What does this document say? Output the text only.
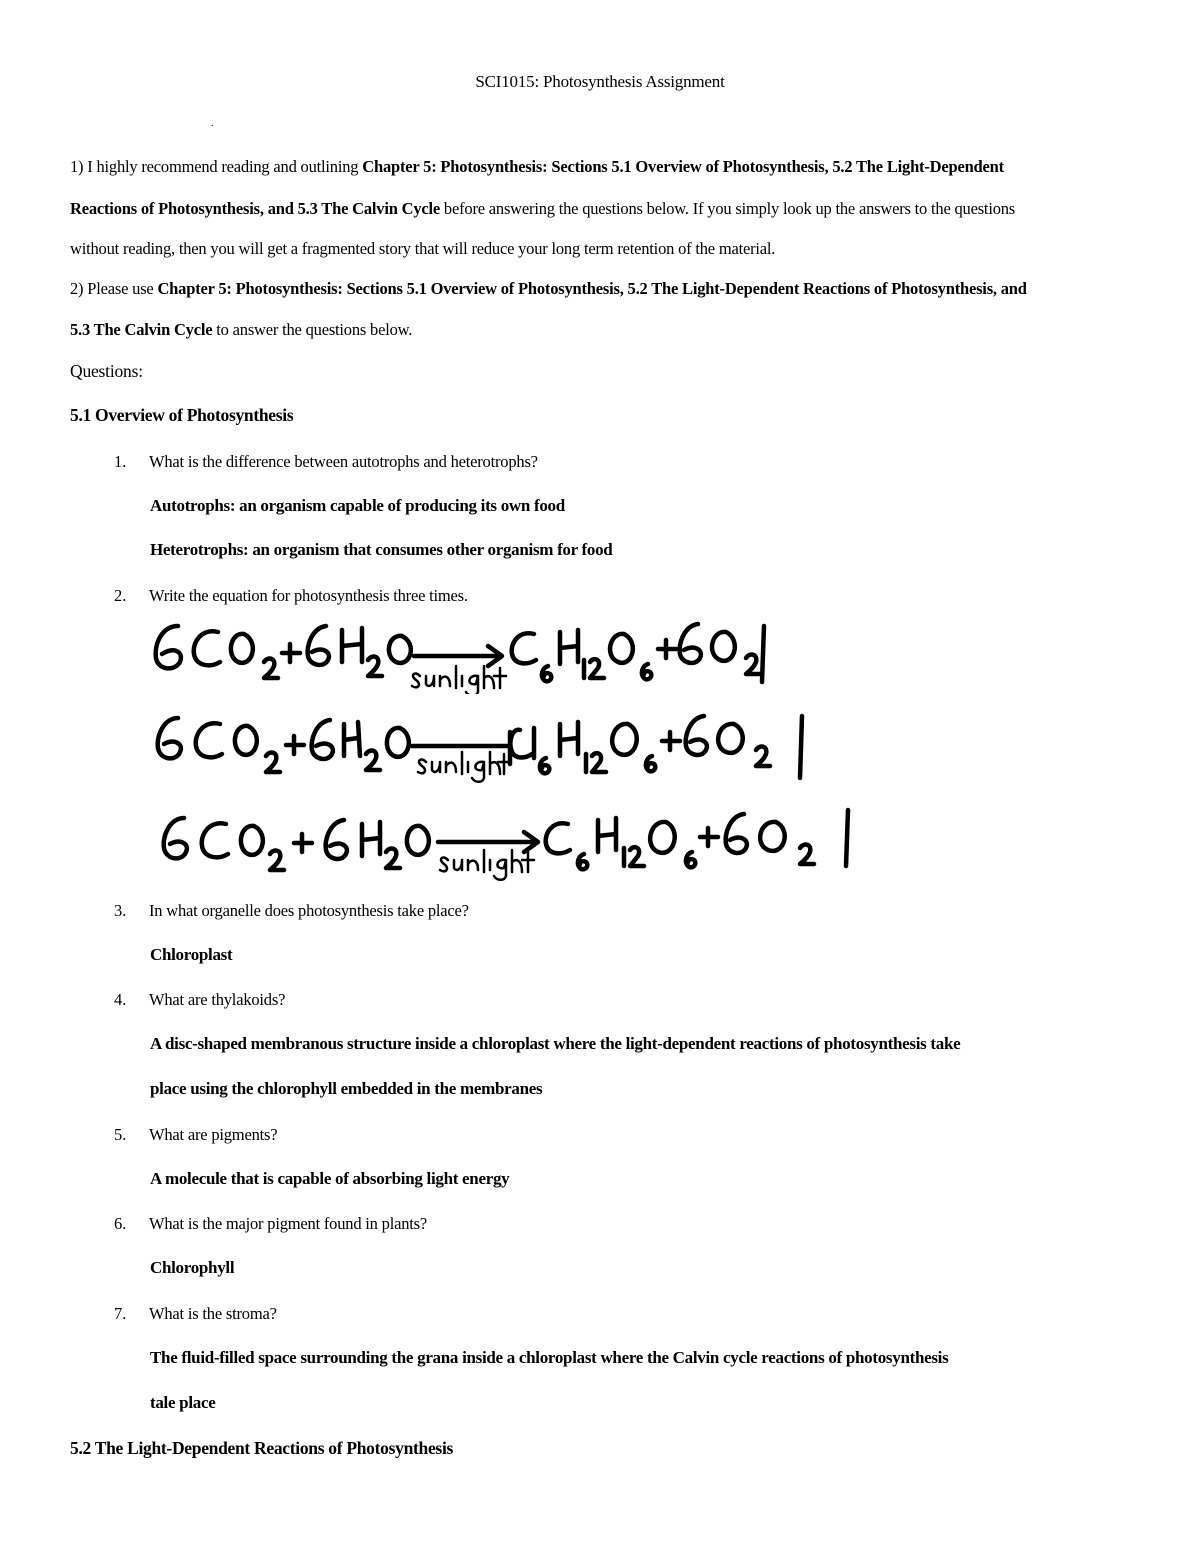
SCI1015: Photosynthesis Assignment
.
1) I highly recommend reading and outlining Chapter 5: Photosynthesis: Sections 5.1 Overview of Photosynthesis, 5.2 The Light-Dependent
Reactions of Photosynthesis, and 5.3 The Calvin Cycle before answering the questions below. If you simply look up the answers to the questions
without reading, then you will get a fragmented story that will reduce your long term retention of the material.
2) Please use Chapter 5: Photosynthesis: Sections 5.1 Overview of Photosynthesis, 5.2 The Light-Dependent Reactions of Photosynthesis, and
5.3 The Calvin Cycle to answer the questions below.
Questions:
5.1 Overview of Photosynthesis
1. What is the difference between autotrophs and heterotrophs?
Autotrophs: an organism capable of producing its own food
Heterotrophs: an organism that consumes other organism for food
2. Write the equation for photosynthesis three times.
3. In what organelle does photosynthesis take place?
Chloroplast
4. What are thylakoids?
A disc-shaped membranous structure inside a chloroplast where the light-dependent reactions of photosynthesis take
place using the chlorophyll embedded in the membranes
5. What are pigments?
A molecule that is capable of absorbing light energy
6. What is the major pigment found in plants?
Chlorophyll
7. What is the stroma?
The fluid-filled space surrounding the grana inside a chloroplast where the Calvin cycle reactions of photosynthesis
tale place
5.2 The Light-Dependent Reactions of Photosynthesis
